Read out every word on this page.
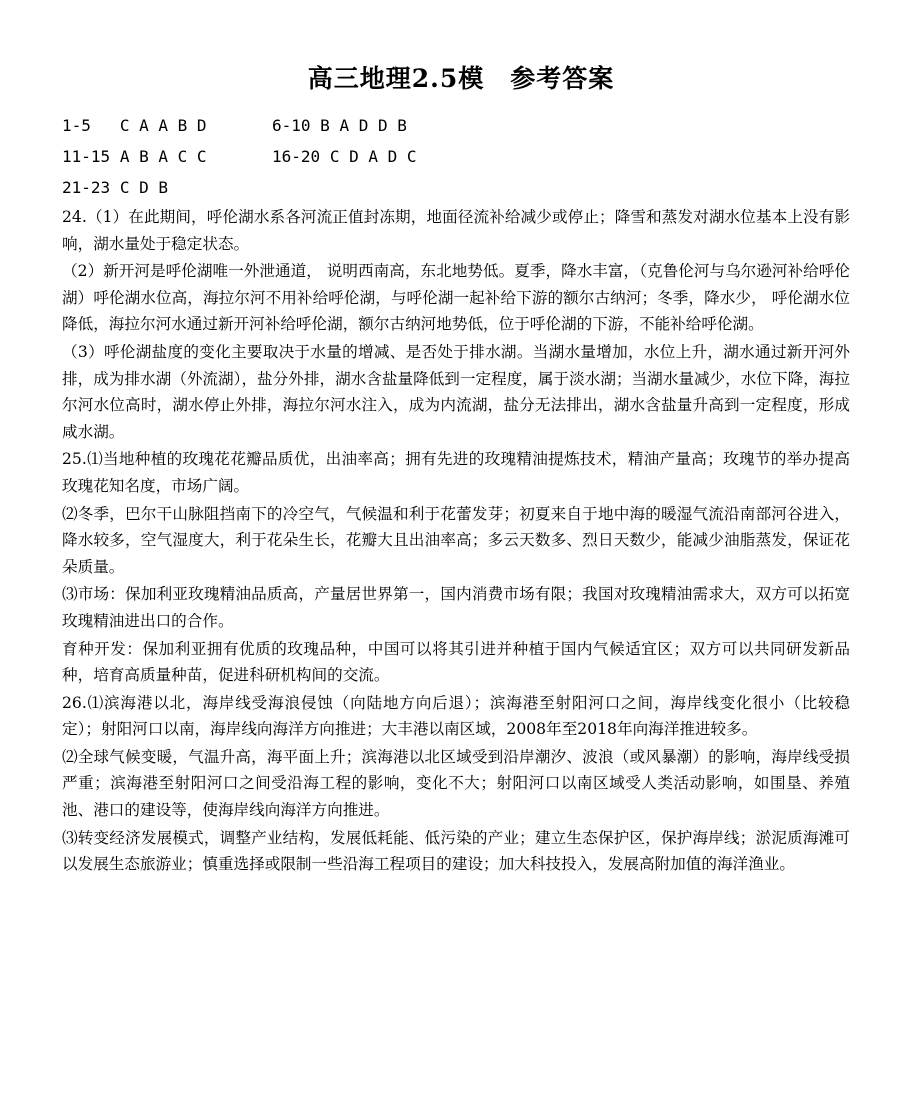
高三地理2.5模　参考答案
1-5 C A A B D	6-10 B A D D B
11-15 A B A C C	16-20 C D A D C
21-23 C D B

24.（1）在此期间，呼伦湖水系各河流正值封冻期，地面径流补给减少或停止；降雪和蒸发对湖水位基本上没有影响，湖水量处于稳定状态。

（2）新开河是呼伦湖唯一外泄通道， 说明西南高，东北地势低。夏季，降水丰富，（克鲁伦河与乌尔逊河补给呼伦湖）呼伦湖水位高，海拉尔河不用补给呼伦湖，与呼伦湖一起补给下游的额尔古纳河；冬季，降水少， 呼伦湖水位降低，海拉尔河水通过新开河补给呼伦湖，额尔古纳河地势低，位于呼伦湖的下游，不能补给呼伦湖。

（3）呼伦湖盐度的变化主要取决于水量的增减、是否处于排水湖。当湖水量增加，水位上升，湖水通过新开河外排，成为排水湖（外流湖），盐分外排，湖水含盐量降低到一定程度，属于淡水湖；当湖水量减少，水位下降，海拉尔河水位高时，湖水停止外排，海拉尔河水注入，成为内流湖，盐分无法排出，湖水含盐量升高到一定程度，形成咸水湖。

25.⑴当地种植的玫瑰花花瓣品质优，出油率高；拥有先进的玫瑰精油提炼技术，精油产量高；玫瑰节的举办提高玫瑰花知名度，市场广阔。

⑵冬季，巴尔干山脉阻挡南下的冷空气，气候温和利于花蕾发芽；初夏来自于地中海的暖湿气流沿南部河谷进入，降水较多，空气湿度大，利于花朵生长，花瓣大且出油率高；多云天数多、烈日天数少，能减少油脂蒸发，保证花朵质量。

⑶市场：保加利亚玫瑰精油品质高，产量居世界第一，国内消费市场有限；我国对玫瑰精油需求大，双方可以拓宽玫瑰精油进出口的合作。

育种开发：保加利亚拥有优质的玫瑰品种，中国可以将其引进并种植于国内气候适宜区；双方可以共同研发新品种，培育高质量种苗，促进科研机构间的交流。

26.⑴滨海港以北，海岸线受海浪侵蚀（向陆地方向后退）；滨海港至射阳河口之间，海岸线变化很小（比较稳定）；射阳河口以南，海岸线向海洋方向推进；大丰港以南区域，2008年至2018年向海洋推进较多。

⑵全球气候变暖，气温升高，海平面上升；滨海港以北区域受到沿岸潮汐、波浪（或风暴潮）的影响，海岸线受损严重；滨海港至射阳河口之间受沿海工程的影响，变化不大；射阳河口以南区域受人类活动影响，如围垦、养殖池、港口的建设等，使海岸线向海洋方向推进。

⑶转变经济发展模式，调整产业结构，发展低耗能、低污染的产业；建立生态保护区，保护海岸线；淤泥质海滩可以发展生态旅游业；慎重选择或限制一些沿海工程项目的建设；加大科技投入，发展高附加值的海洋渔业。
